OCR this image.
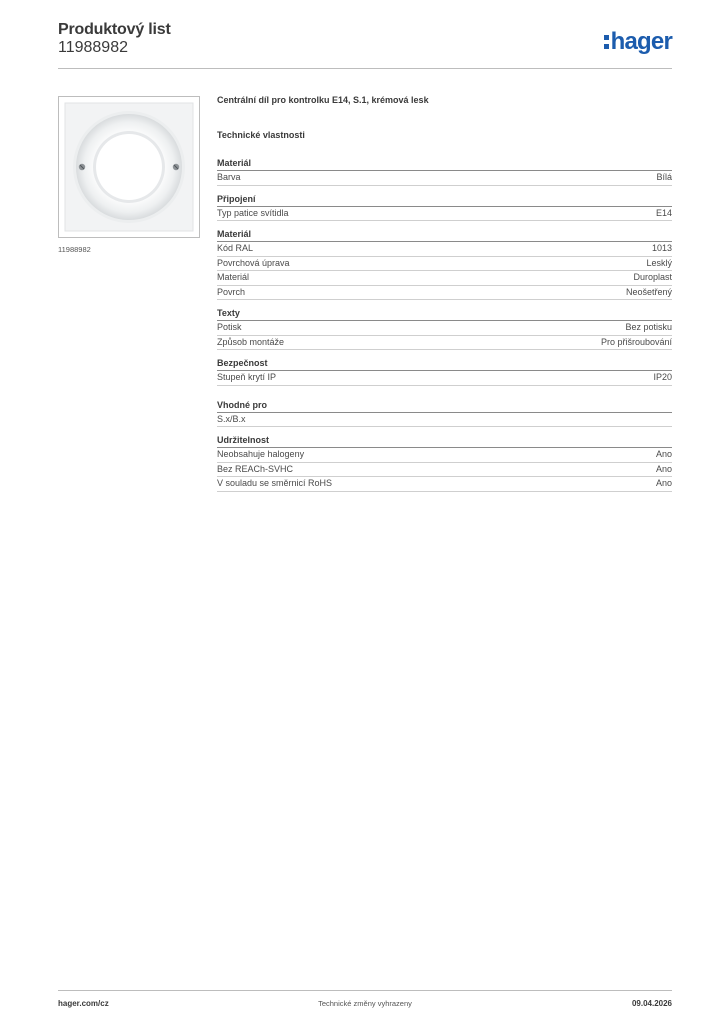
Produktový list
11988982	hager
11988982
Centrální díl pro kontrolku E14, S.1, krémová lesk
Technické vlastnosti
Materiál
Barva	Bílá
Připojení
Typ patice svítidla	E14
Materiál
Kód RAL	1013
Povrchová úprava	Lesklý
Materiál	Duroplast
Povrch	Neošetřený
Texty
Potisk	Bez potisku
Způsob montáže	Pro přišroubování
Bezpečnost
Stupeň krytí IP	IP20
Vhodné pro
S.x/B.x
Udržitelnost
Neobsahuje halogeny	Ano
Bez REACh-SVHC	Ano
V souladu se směrnicí RoHS	Ano
hager.com/cz	Technické změny vyhrazeny	09.04.2026
